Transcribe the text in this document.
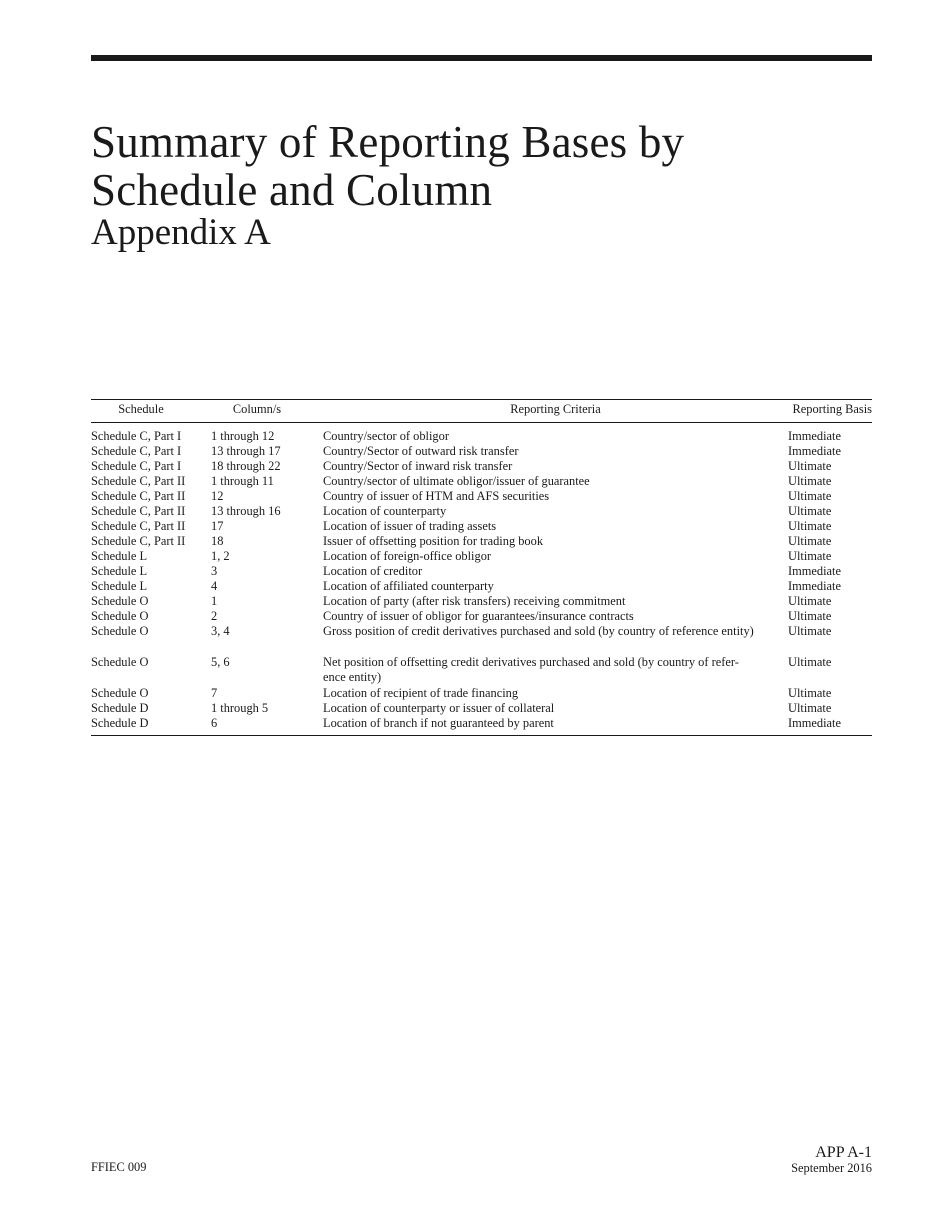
Summary of Reporting Bases by
Schedule and Column
Appendix A
Schedule	Column/s	Reporting Criteria	Reporting Basis
Schedule C, Part I	1 through 12	Country/sector of obligor	Immediate
Schedule C, Part I	13 through 17	Country/Sector of outward risk transfer	Immediate
Schedule C, Part I	18 through 22	Country/Sector of inward risk transfer	Ultimate
Schedule C, Part II	1 through 11	Country/sector of ultimate obligor/issuer of guarantee	Ultimate
Schedule C, Part II	12	Country of issuer of HTM and AFS securities	Ultimate
Schedule C, Part II	13 through 16	Location of counterparty	Ultimate
Schedule C, Part II	17	Location of issuer of trading assets	Ultimate
Schedule C, Part II	18	Issuer of offsetting position for trading book	Ultimate
Schedule L	1, 2	Location of foreign-office obligor	Ultimate
Schedule L	3	Location of creditor	Immediate
Schedule L	4	Location of affiliated counterparty	Immediate
Schedule O	1	Location of party (after risk transfers) receiving commitment	Ultimate
Schedule O	2	Country of issuer of obligor for guarantees/insurance contracts	Ultimate
Schedule O	3, 4	Gross position of credit derivatives purchased and sold (by country of reference entity)	Ultimate
Schedule O	5, 6	Net position of offsetting credit derivatives purchased and sold (by country of refer-ence entity)	Ultimate
Schedule O	7	Location of recipient of trade financing	Ultimate
Schedule D	1 through 5	Location of counterparty or issuer of collateral	Ultimate
Schedule D	6	Location of branch if not guaranteed by parent	Immediate
FFIEC 009
APP A-1
September 2016
